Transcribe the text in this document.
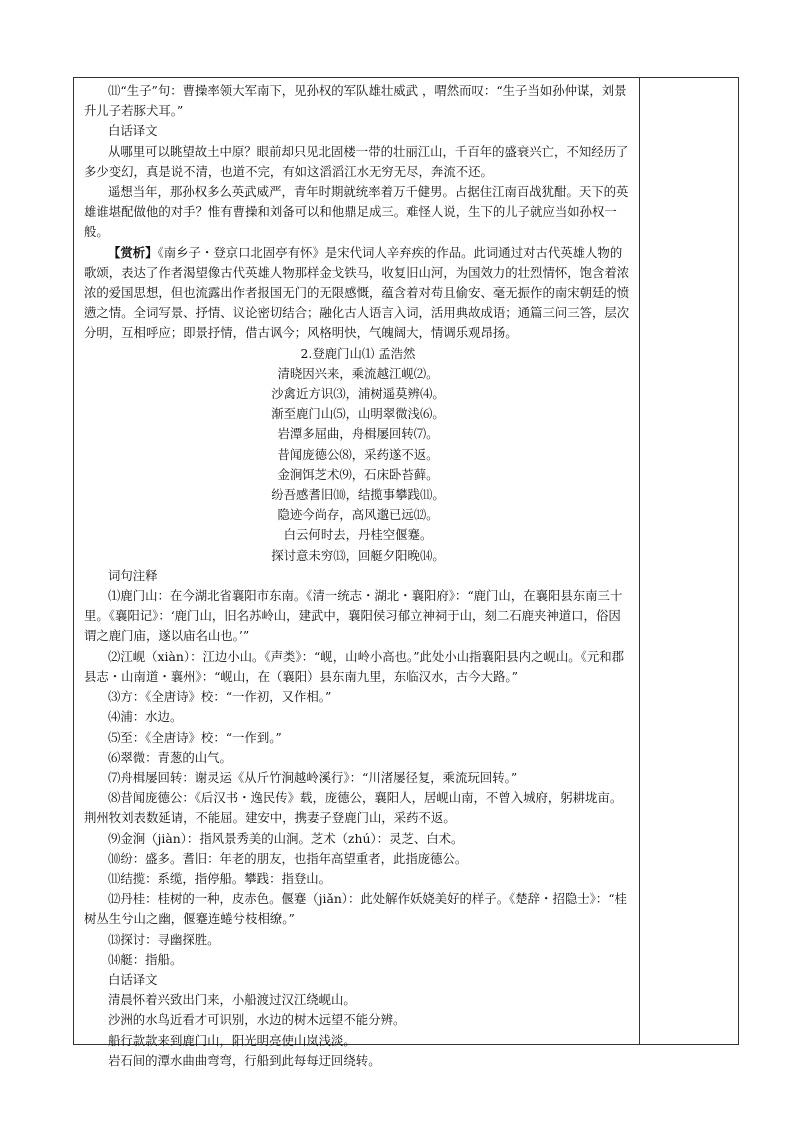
⑾“生子”句：曹操率领大军南下，见孙权的军队雄壮威武 ，喟然而叹：“生子当如孙仲谋，刘景升儿子若豚犬耳。”

白话译文

从哪里可以眺望故土中原？眼前却只见北固楼一带的壮丽江山，千百年的盛衰兴亡，不知经历了多少变幻，真是说不清，也道不完，有如这滔滔江水无穷无尽，奔流不还。

遥想当年，那孙权多么英武威严，青年时期就统率着万千健男。占据住江南百战犹酣。天下的英雄谁堪配做他的对手？惟有曹操和刘备可以和他鼎足成三。难怪人说，生下的儿子就应当如孙权一般。

【赏析】《南乡子・登京口北固亭有怀》是宋代词人辛弃疾的作品。此词通过对古代英雄人物的歌颂，表达了作者渴望像古代英雄人物那样金戈铁马，收复旧山河，为国效力的壮烈情怀，饱含着浓浓的爱国思想，但也流露出作者报国无门的无限感慨，蕴含着对苟且偷安、毫无振作的南宋朝廷的愤懑之情。全词写景、抒情、议论密切结合；融化古人语言入词，活用典故成语；通篇三问三答，层次分明，互相呼应；即景抒情，借古讽今；风格明快，气魄阔大，情调乐观昂扬。

2.登鹿门山⑴ 孟浩然

清晓因兴来，乘流越江岘⑵。

沙禽近方识⑶，浦树遥莫辨⑷。

渐至鹿门山⑸，山明翠微浅⑹。

岩潭多屈曲，舟楫屡回转⑺。

昔闻庞德公⑻，采药遂不返。

金涧饵芝术⑼，石床卧苔藓。

纷吾感耆旧⑽，结揽事攀践⑾。

隐迹今尚存，高风邈已远⑿。

白云何时去，丹桂空偃蹇。

探讨意未穷⒀，回艇夕阳晚⒁。

词句注释

⑴鹿门山：在今湖北省襄阳市东南。《清一统志・湖北・襄阳府》：“鹿门山，在襄阳县东南三十里。《襄阳记》：‘鹿门山，旧名苏岭山，建武中，襄阳侯习郁立神祠于山，刻二石鹿夹神道口，俗因谓之鹿门庙，遂以庙名山也。’”

⑵江岘（xiàn）：江边小山。《声类》：“岘，山岭小高也。”此处小山指襄阳县内之岘山。《元和郡县志・山南道・襄州》：“岘山，在（襄阳）县东南九里，东临汉水，古今大路。”

⑶方：《全唐诗》校：“一作初，又作相。”

⑷浦：水边。

⑸至：《全唐诗》校：“一作到。”

⑹翠微：青葱的山气。

⑺舟楫屡回转：谢灵运《从斤竹涧越岭溪行》：“川渚屡径复，乘流玩回转。”

⑻昔闻庞德公：《后汉书・逸民传》载，庞德公，襄阳人，居岘山南，不曾入城府，躬耕垅亩。荆州牧刘表数延请，不能屈。建安中，携妻子登鹿门山，采药不返。

⑼金涧（jiàn）：指风景秀美的山涧。芝术（zhú）：灵芝、白术。

⑽纷：盛多。耆旧：年老的朋友，也指年高望重者，此指庞德公。

⑾结揽：系缆，指停船。攀践：指登山。

⑿丹桂：桂树的一种，皮赤色。偃蹇（jiǎn）：此处解作妖娆美好的样子。《楚辞・招隐士》：“桂树丛生兮山之幽，偃蹇连蜷兮枝相缭。”

⒀探讨：寻幽探胜。

⒁艇：指船。

白话译文

清晨怀着兴致出门来，小船渡过汉江绕岘山。

沙洲的水鸟近看才可识别，水边的树木远望不能分辨。

船行款款来到鹿门山，阳光明亮使山岚浅淡。

岩石间的潭水曲曲弯弯，行船到此每每迂回绕转。
